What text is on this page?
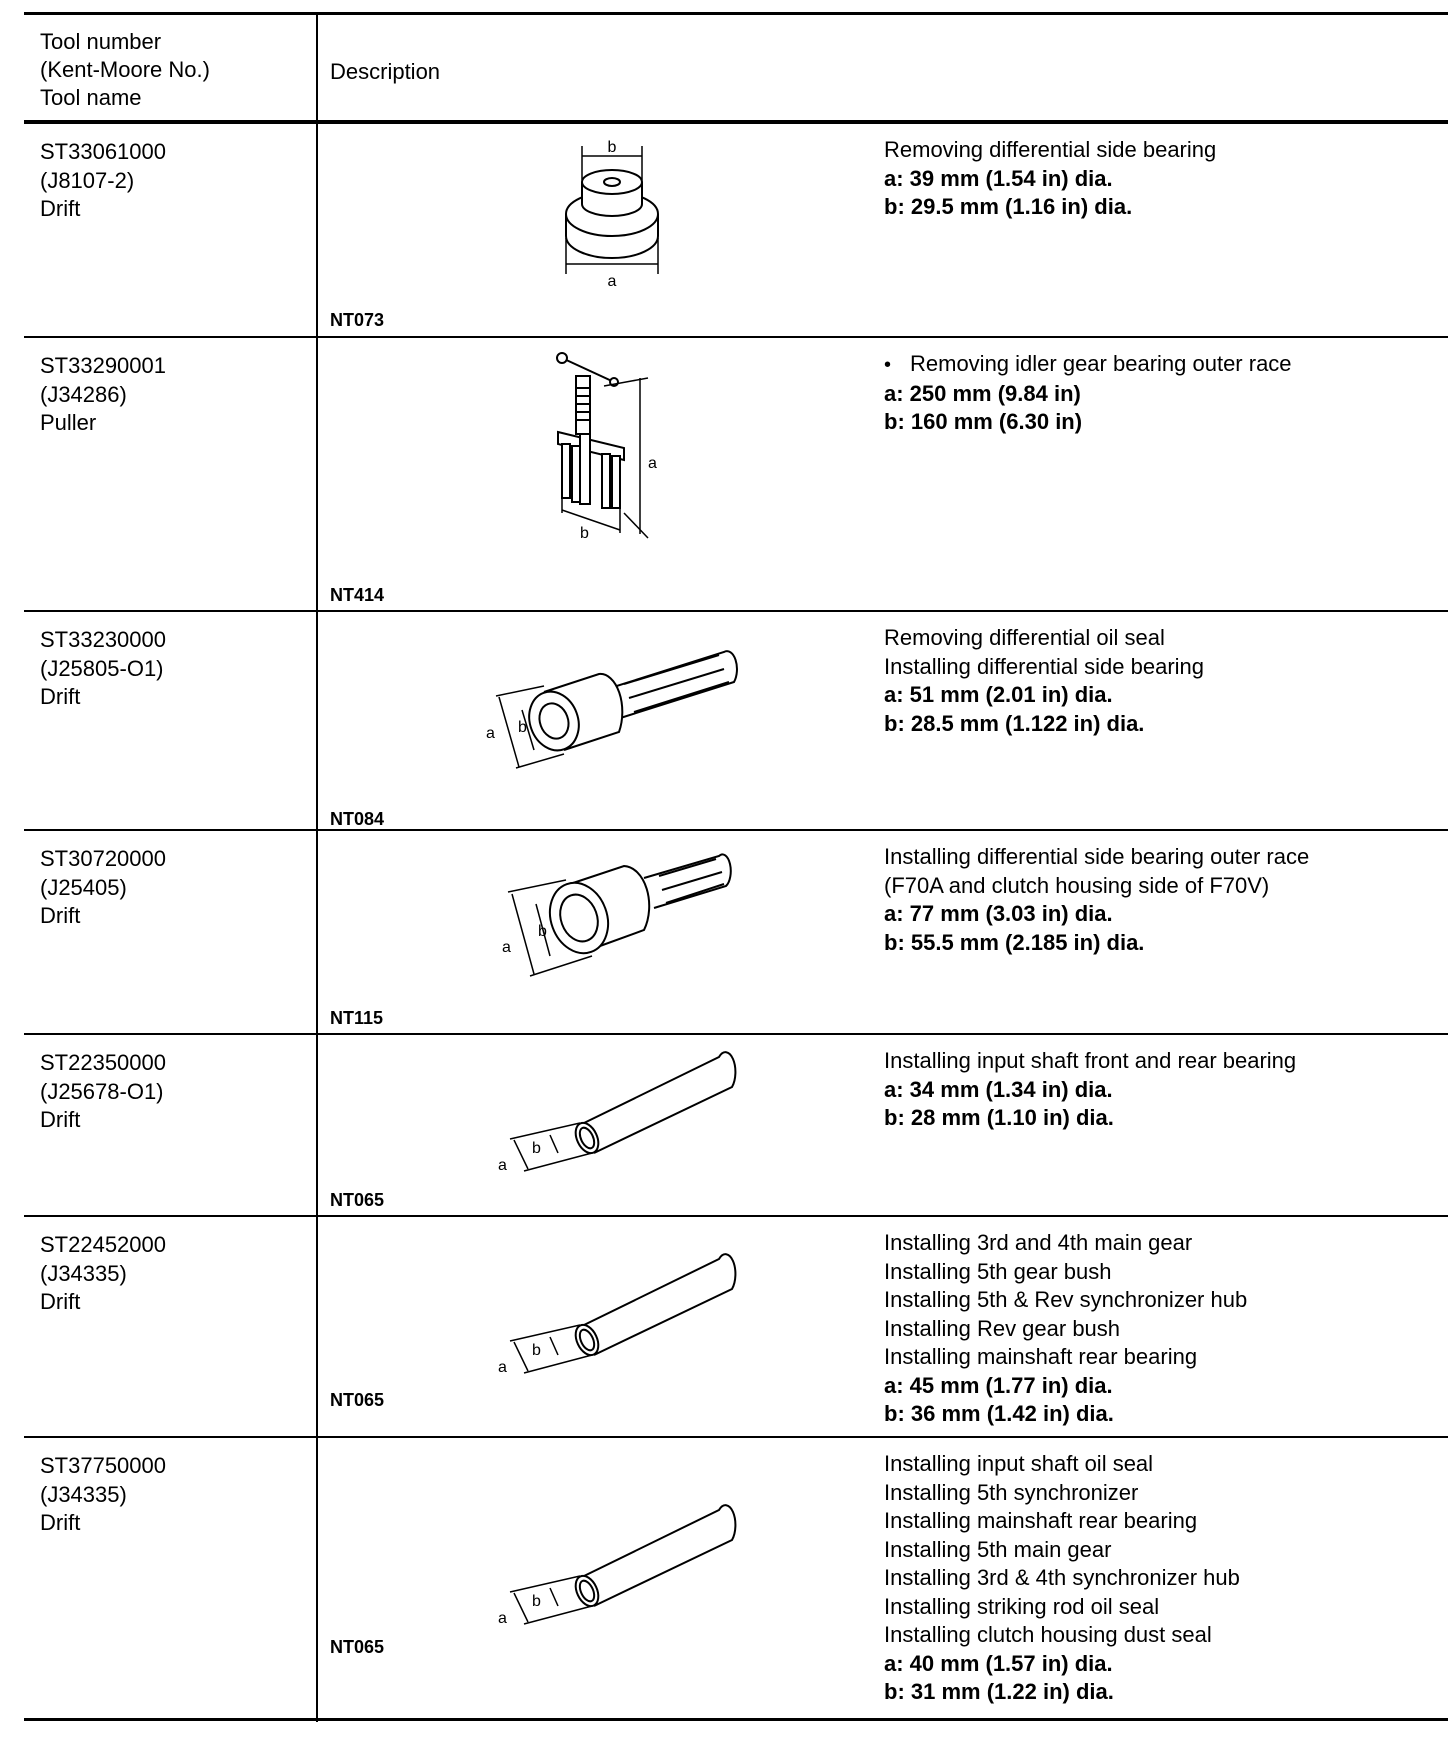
Tool number
(Kent-Moore No.)
Tool name
Description
ST33061000
(J8107-2)
Drift
b
a
NT073
Removing differential side bearing
a: 39 mm (1.54 in) dia.
b: 29.5 mm (1.16 in) dia.
ST33290001
(J34286)
Puller
a
b
NT414
• Removing idler gear bearing outer race
a: 250 mm (9.84 in)
b: 160 mm (6.30 in)
ST33230000
(J25805-O1)
Drift
a b
NT084
Removing differential oil seal
Installing differential side bearing
a: 51 mm (2.01 in) dia.
b: 28.5 mm (1.122 in) dia.
ST30720000
(J25405)
Drift
a
b
NT115
Installing differential side bearing outer race
(F70A and clutch housing side of F70V)
a: 77 mm (3.03 in) dia.
b: 55.5 mm (2.185 in) dia.
ST22350000
(J25678-O1)
Drift
a
b
NT065
Installing input shaft front and rear bearing
a: 34 mm (1.34 in) dia.
b: 28 mm (1.10 in) dia.
ST22452000
(J34335)
Drift
a
b
NT065
Installing 3rd and 4th main gear
Installing 5th gear bush
Installing 5th & Rev synchronizer hub
Installing Rev gear bush
Installing mainshaft rear bearing
a: 45 mm (1.77 in) dia.
b: 36 mm (1.42 in) dia.
ST37750000
(J34335)
Drift
a
b
NT065
Installing input shaft oil seal
Installing 5th synchronizer
Installing mainshaft rear bearing
Installing 5th main gear
Installing 3rd & 4th synchronizer hub
Installing striking rod oil seal
Installing clutch housing dust seal
a: 40 mm (1.57 in) dia.
b: 31 mm (1.22 in) dia.
